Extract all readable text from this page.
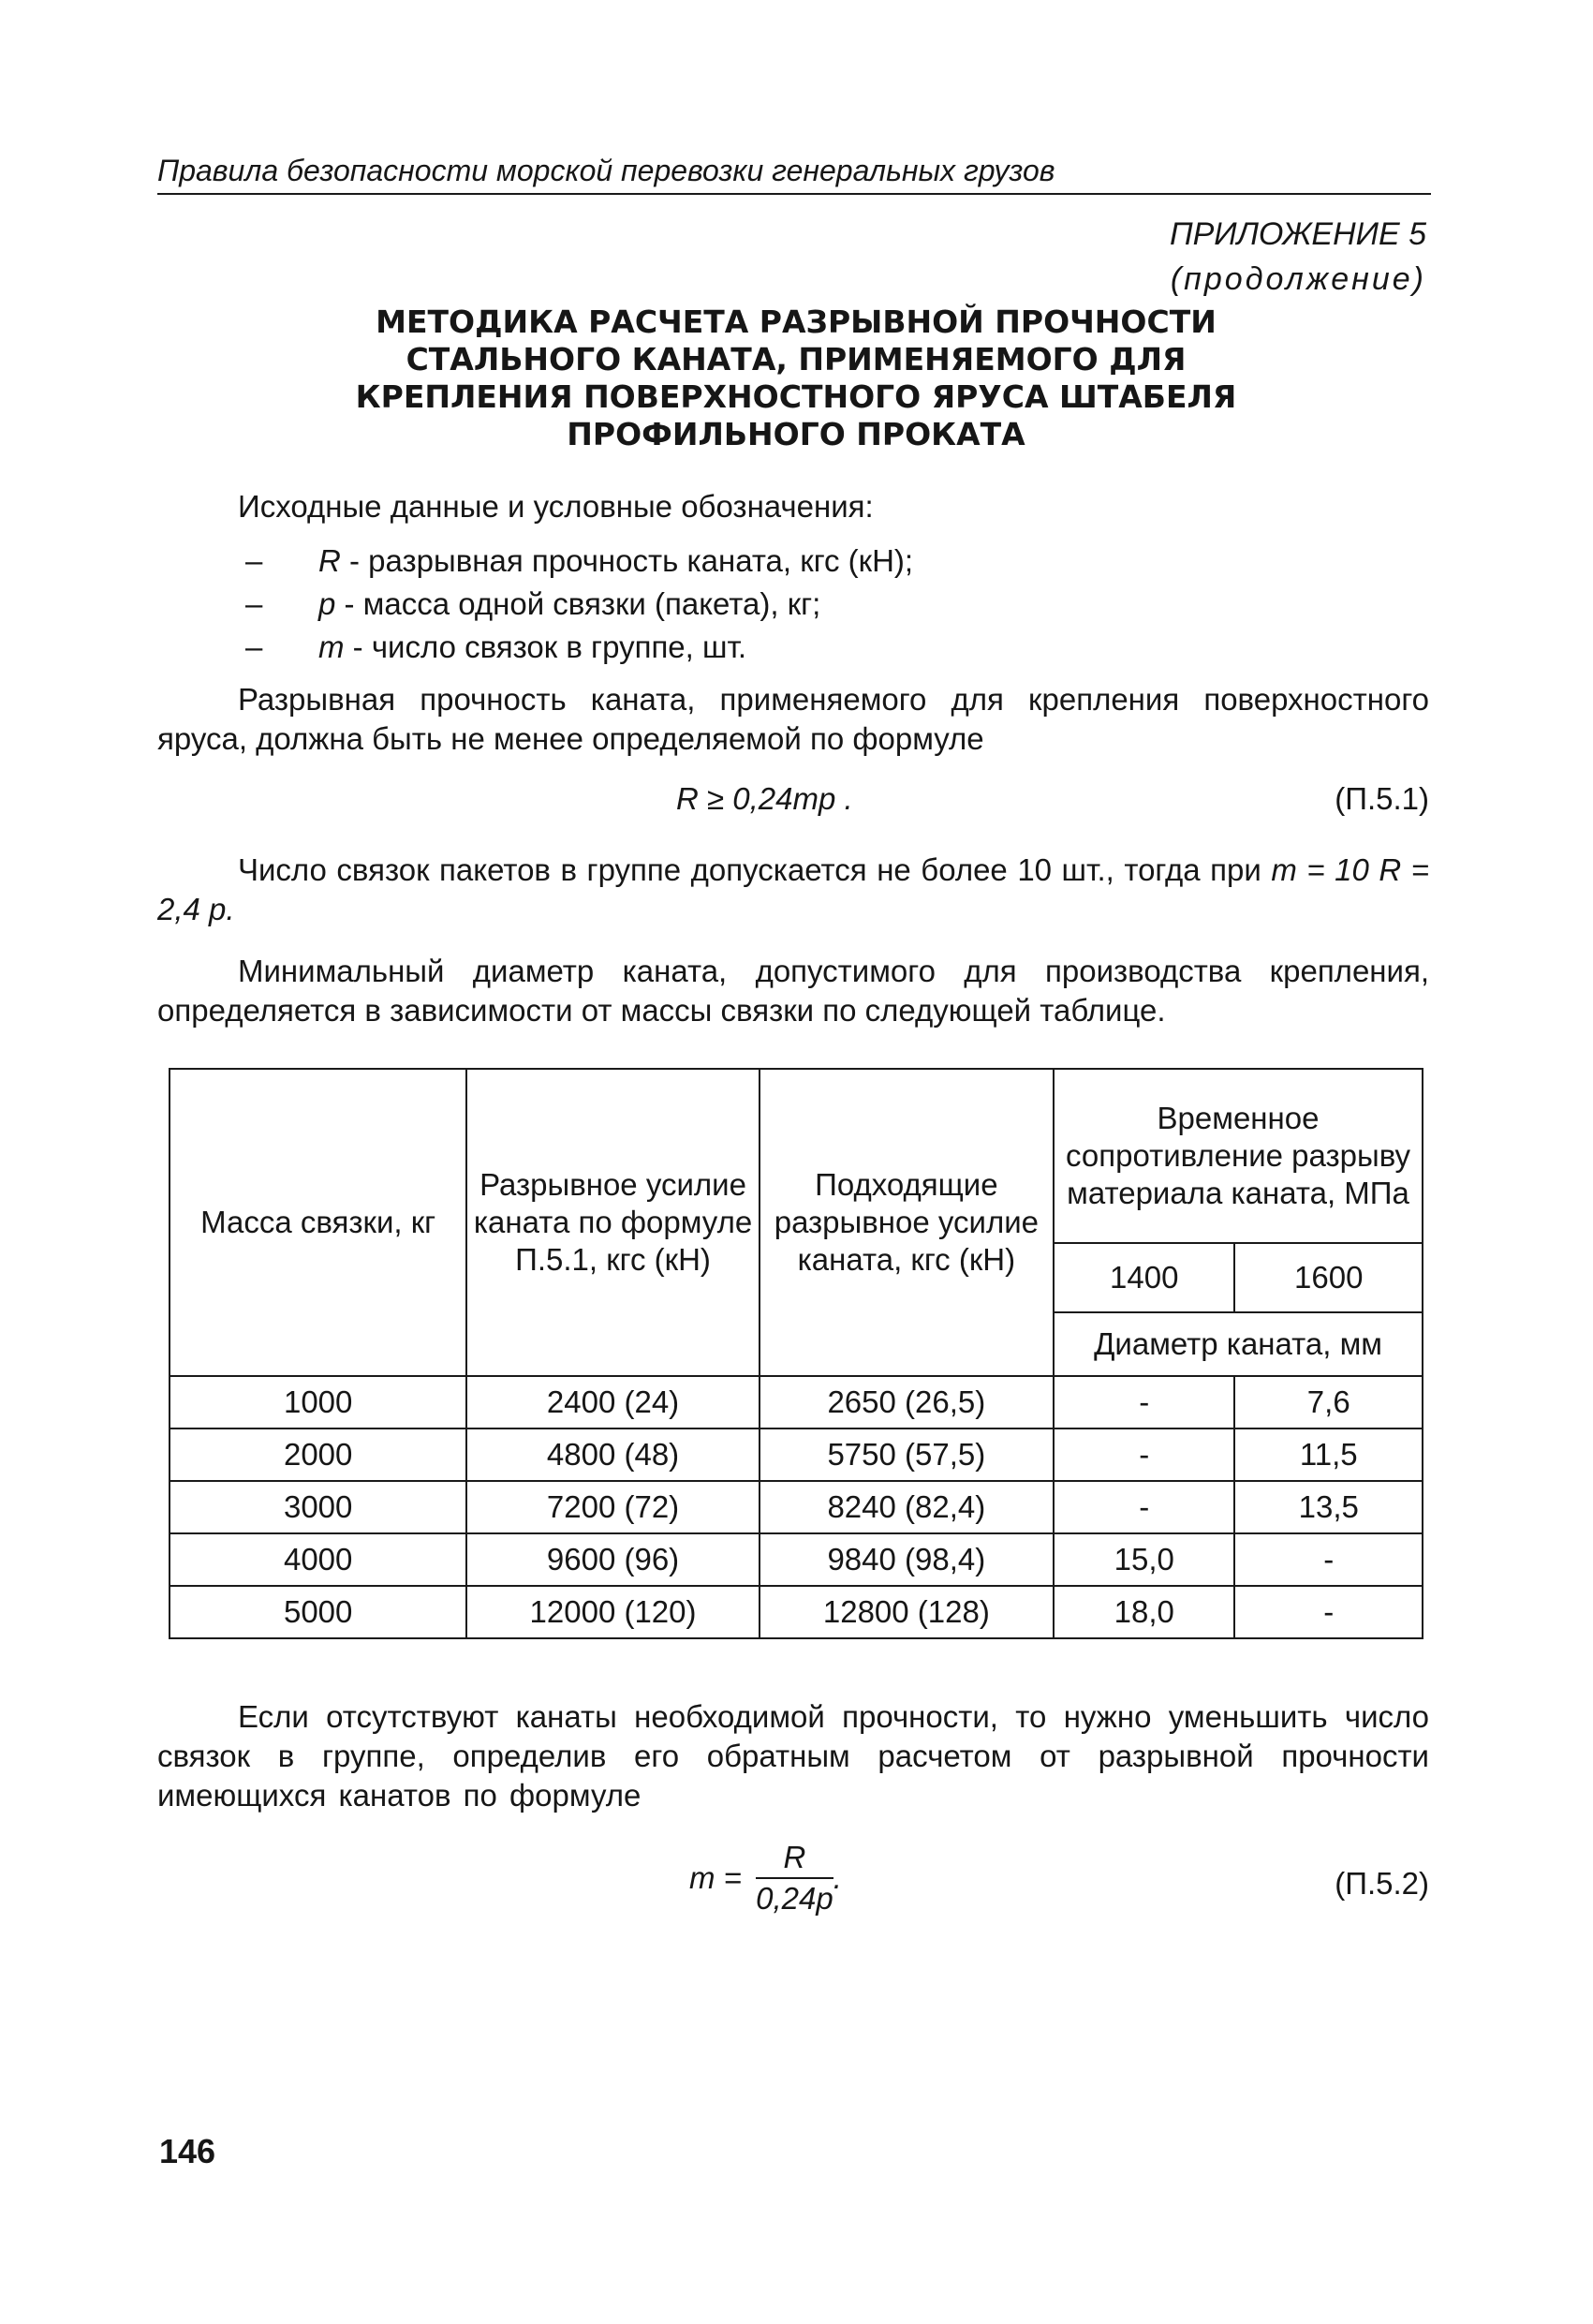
Правила безопасности морской перевозки генеральных грузов
ПРИЛОЖЕНИЕ 5
(продолжение)
МЕТОДИКА РАСЧЕТА РАЗРЫВНОЙ ПРОЧНОСТИ
СТАЛЬНОГО КАНАТА, ПРИМЕНЯЕМОГО ДЛЯ
КРЕПЛЕНИЯ ПОВЕРХНОСТНОГО ЯРУСА ШТАБЕЛЯ
ПРОФИЛЬНОГО ПРОКАТА
Исходные данные и условные обозначения:
– R - разрывная прочность каната, кгс (кН);
– p - масса одной связки (пакета), кг;
– m - число связок в группе, шт.
Разрывная прочность каната, применяемого для крепления поверхностного яруса, должна быть не менее определяемой по формуле
R ≥ 0,24mp .	(П.5.1)
Число связок пакетов в группе допускается не более 10 шт., тогда при m = 10 R = 2,4 p.
Минимальный диаметр каната, допустимого для производства крепления, определяется в зависимости от массы связки по следующей таблице.
Масса связки, кг	Разрывное усилие каната по формуле П.5.1, кгс (кН)	Подходящие разрывное усилие каната, кгс (кН)	Временное сопротивление разрыву материала каната, МПа	
			1400	1600
			Диаметр каната, мм	
1000	2400 (24)	2650 (26,5)	-	7,6
2000	4800 (48)	5750 (57,5)	-	11,5
3000	7200 (72)	8240 (82,4)	-	13,5
4000	9600 (96)	9840 (98,4)	15,0	-
5000	12000 (120)	12800 (128)	18,0	-
Если отсутствуют канаты необходимой прочности, то нужно уменьшить число связок в группе, определив его обратным расчетом от разрывной прочности имеющихся канатов по формуле
$m = \frac{R}{0,24p}$ .	(П.5.2)
146
